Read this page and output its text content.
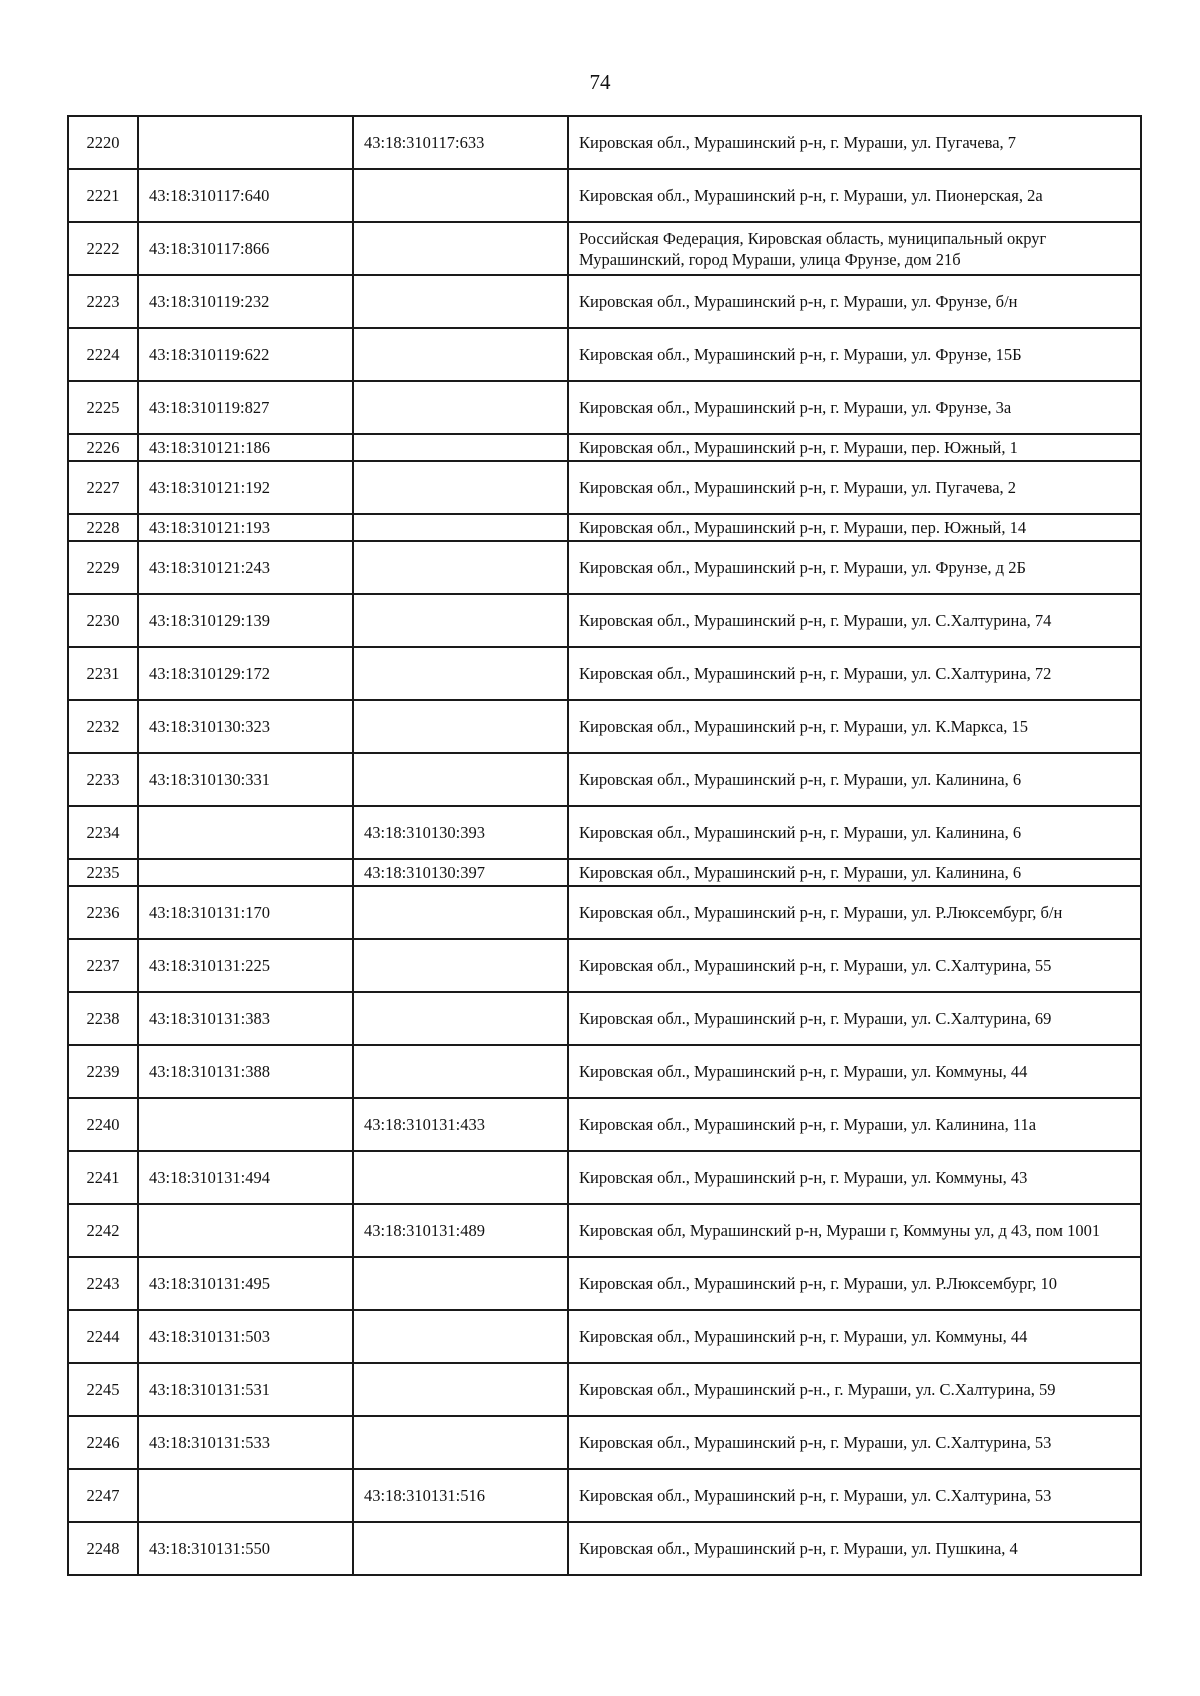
74
2220		43:18:310117:633	Кировская обл., Мурашинский р-н, г. Мураши, ул. Пугачева, 7
2221	43:18:310117:640		Кировская обл., Мурашинский р-н, г. Мураши, ул. Пионерская, 2а
2222	43:18:310117:866		Российская Федерация, Кировская область, муниципальный округ Мурашинский, город Мураши, улица Фрунзе, дом 21б
2223	43:18:310119:232		Кировская обл., Мурашинский р-н, г. Мураши, ул. Фрунзе, б/н
2224	43:18:310119:622		Кировская обл., Мурашинский р-н, г. Мураши, ул. Фрунзе, 15Б
2225	43:18:310119:827		Кировская обл., Мурашинский р-н, г. Мураши, ул. Фрунзе, 3а
2226	43:18:310121:186		Кировская обл., Мурашинский р-н, г. Мураши, пер. Южный, 1
2227	43:18:310121:192		Кировская обл., Мурашинский р-н, г. Мураши, ул. Пугачева, 2
2228	43:18:310121:193		Кировская обл., Мурашинский р-н, г. Мураши, пер. Южный, 14
2229	43:18:310121:243		Кировская обл., Мурашинский р-н, г. Мураши, ул. Фрунзе, д 2Б
2230	43:18:310129:139		Кировская обл., Мурашинский р-н, г. Мураши, ул. С.Халтурина, 74
2231	43:18:310129:172		Кировская обл., Мурашинский р-н, г. Мураши, ул. С.Халтурина, 72
2232	43:18:310130:323		Кировская обл., Мурашинский р-н, г. Мураши, ул. К.Маркса, 15
2233	43:18:310130:331		Кировская обл., Мурашинский р-н, г. Мураши, ул. Калинина, 6
2234		43:18:310130:393	Кировская обл., Мурашинский р-н, г. Мураши, ул. Калинина, 6
2235		43:18:310130:397	Кировская обл., Мурашинский р-н, г. Мураши, ул. Калинина, 6
2236	43:18:310131:170		Кировская обл., Мурашинский р-н, г. Мураши, ул. Р.Люксембург, б/н
2237	43:18:310131:225		Кировская обл., Мурашинский р-н, г. Мураши, ул. С.Халтурина, 55
2238	43:18:310131:383		Кировская обл., Мурашинский р-н, г. Мураши, ул. С.Халтурина, 69
2239	43:18:310131:388		Кировская обл., Мурашинский р-н, г. Мураши, ул. Коммуны, 44
2240		43:18:310131:433	Кировская обл., Мурашинский р-н, г. Мураши, ул. Калинина, 11а
2241	43:18:310131:494		Кировская обл., Мурашинский р-н, г. Мураши, ул. Коммуны, 43
2242		43:18:310131:489	Кировская обл, Мурашинский р-н, Мураши г, Коммуны ул, д 43, пом 1001
2243	43:18:310131:495		Кировская обл., Мурашинский р-н, г. Мураши, ул. Р.Люксембург, 10
2244	43:18:310131:503		Кировская обл., Мурашинский р-н, г. Мураши, ул. Коммуны, 44
2245	43:18:310131:531		Кировская обл., Мурашинский р-н., г. Мураши, ул. С.Халтурина, 59
2246	43:18:310131:533		Кировская обл., Мурашинский р-н, г. Мураши, ул. С.Халтурина, 53
2247		43:18:310131:516	Кировская обл., Мурашинский р-н, г. Мураши, ул. С.Халтурина, 53
2248	43:18:310131:550		Кировская обл., Мурашинский р-н, г. Мураши, ул. Пушкина, 4
